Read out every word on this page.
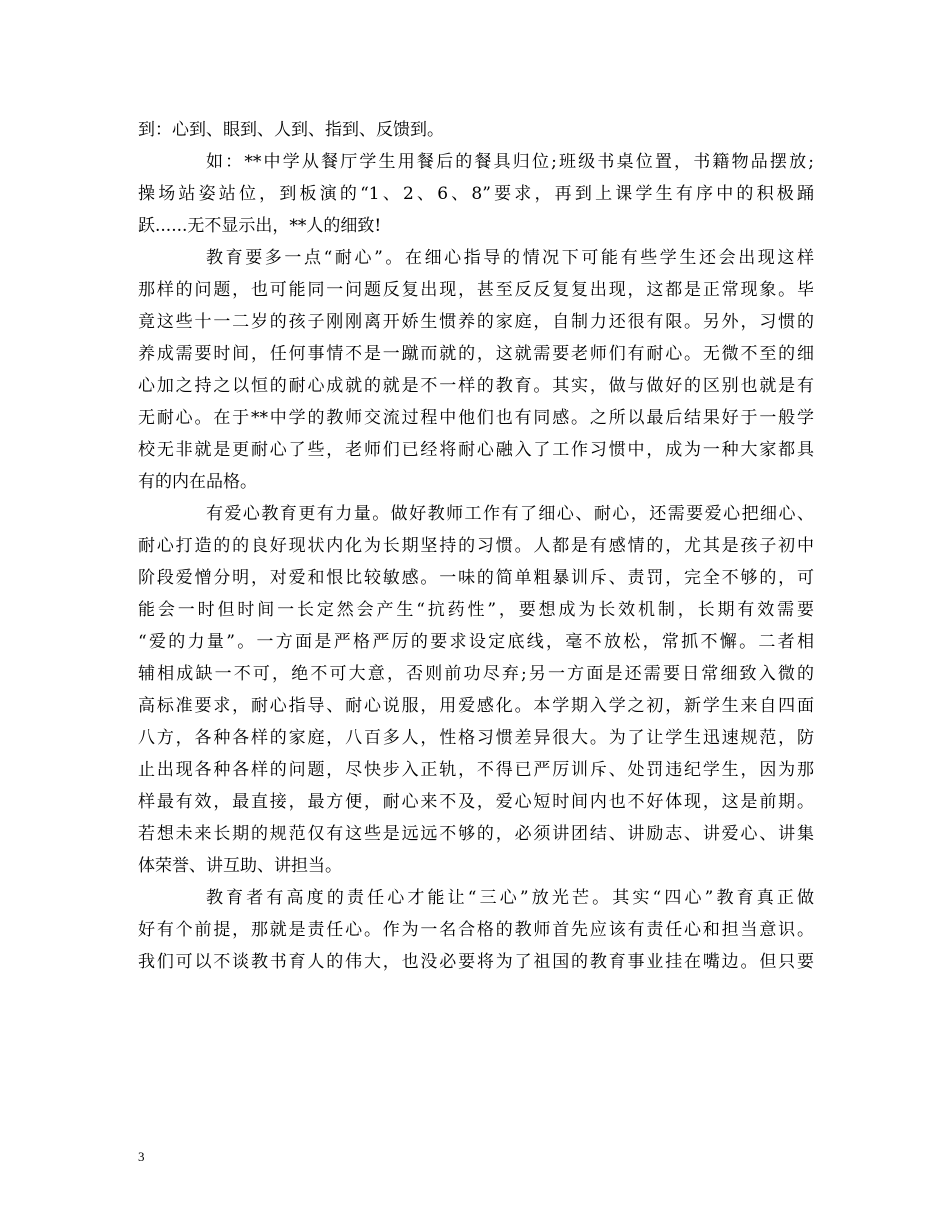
到：心到、眼到、人到、指到、反馈到。
如：**中学从餐厅学生用餐后的餐具归位;班级书桌位置，书籍物品摆放;
操场站姿站位，到板演的“1、2、6、8”要求，再到上课学生有序中的积极踊
跃......无不显示出，**人的细致!
教育要多一点“耐心”。在细心指导的情况下可能有些学生还会出现这样
那样的问题，也可能同一问题反复出现，甚至反反复复出现，这都是正常现象。毕
竟这些十一二岁的孩子刚刚离开娇生惯养的家庭，自制力还很有限。另外，习惯的
养成需要时间，任何事情不是一蹴而就的，这就需要老师们有耐心。无微不至的细
心加之持之以恒的耐心成就的就是不一样的教育。其实，做与做好的区别也就是有
无耐心。在于**中学的教师交流过程中他们也有同感。之所以最后结果好于一般学
校无非就是更耐心了些，老师们已经将耐心融入了工作习惯中，成为一种大家都具
有的内在品格。
有爱心教育更有力量。做好教师工作有了细心、耐心，还需要爱心把细心、
耐心打造的的良好现状内化为长期坚持的习惯。人都是有感情的，尤其是孩子初中
阶段爱憎分明，对爱和恨比较敏感。一味的简单粗暴训斥、责罚，完全不够的，可
能会一时但时间一长定然会产生“抗药性”，要想成为长效机制，长期有效需要
“爱的力量”。一方面是严格严厉的要求设定底线，毫不放松，常抓不懈。二者相
辅相成缺一不可，绝不可大意，否则前功尽弃;另一方面是还需要日常细致入微的
高标准要求，耐心指导、耐心说服，用爱感化。本学期入学之初，新学生来自四面
八方，各种各样的家庭，八百多人，性格习惯差异很大。为了让学生迅速规范，防
止出现各种各样的问题，尽快步入正轨，不得已严厉训斥、处罚违纪学生，因为那
样最有效，最直接，最方便，耐心来不及，爱心短时间内也不好体现，这是前期。
若想未来长期的规范仅有这些是远远不够的，必须讲团结、讲励志、讲爱心、讲集
体荣誉、讲互助、讲担当。
教育者有高度的责任心才能让“三心”放光芒。其实“四心”教育真正做
好有个前提，那就是责任心。作为一名合格的教师首先应该有责任心和担当意识。
我们可以不谈教书育人的伟大，也没必要将为了祖国的教育事业挂在嘴边。但只要
3
